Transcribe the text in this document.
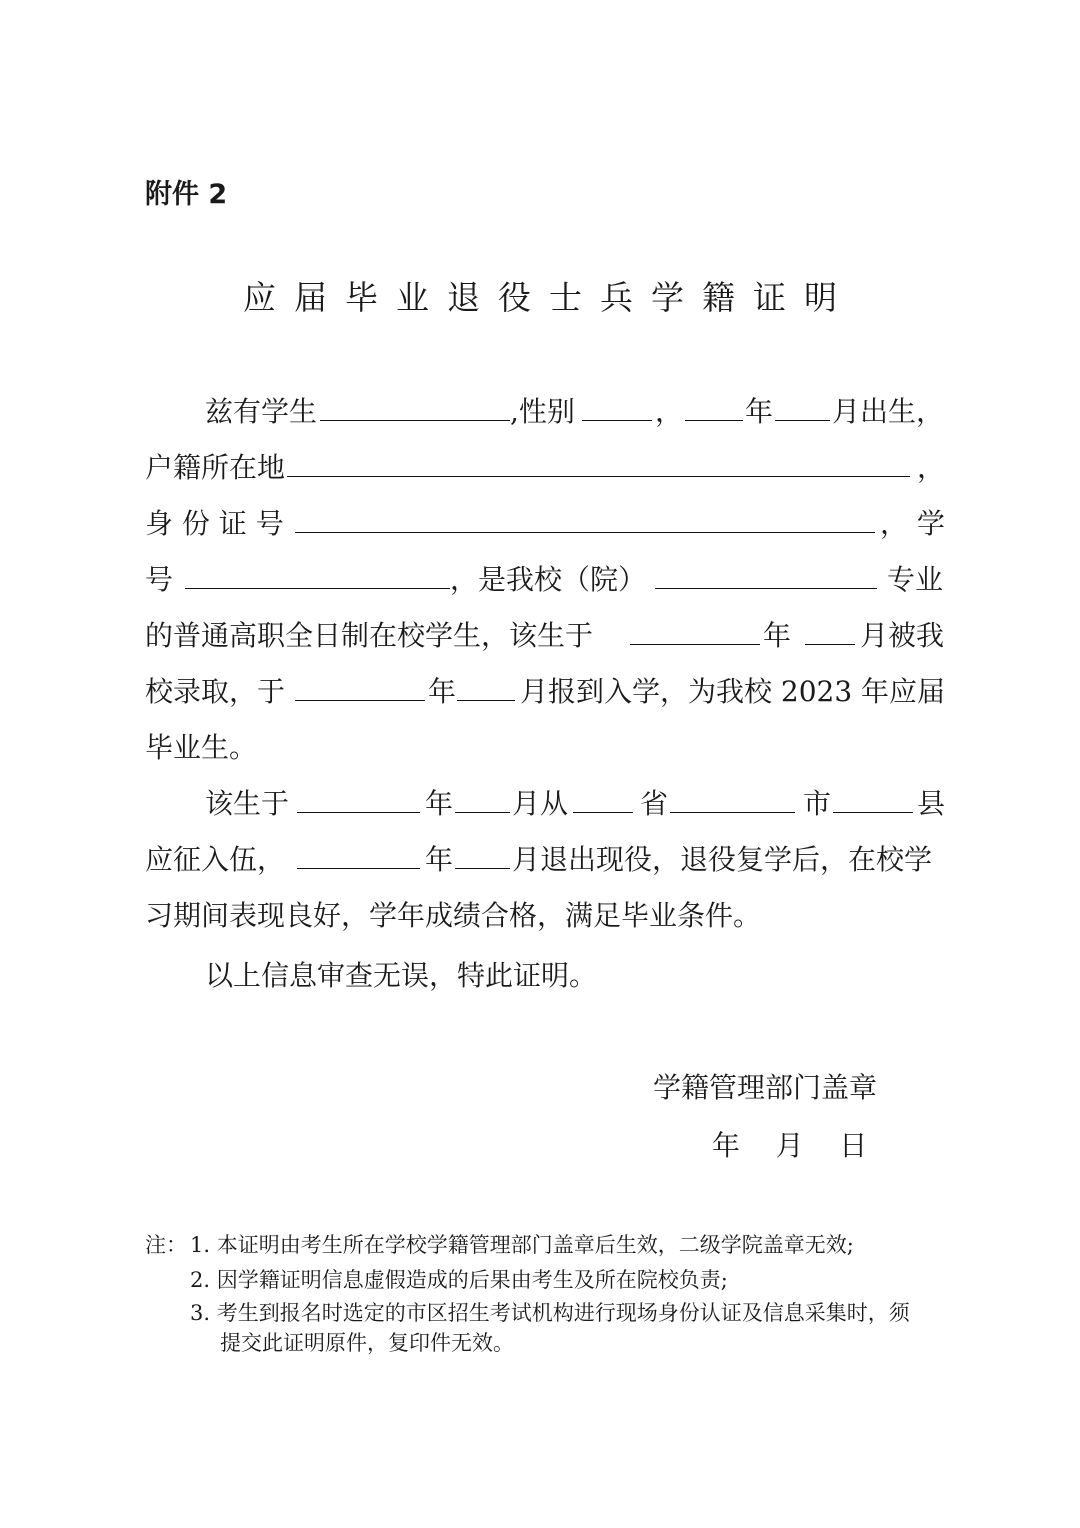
附件 2
应届毕业退役士兵学籍证明
兹有学生	,性别	， 年 月出生，
户籍所在地	，
身 份 证 号	， 学
号	，是我校（院）	专业
的普通高职全日制在校学生，该生于	年 月被我
校录取，于	年 月报到入学，为我校 2023 年应届
毕业生。
该生于	年 月从	省	市	县
应征入伍，	年 月退出现役，退役复学后，在校学
习期间表现良好，学年成绩合格，满足毕业条件。
以上信息审查无误，特此证明。
学籍管理部门盖章
年    月    日
注： 1. 本证明由考生所在学校学籍管理部门盖章后生效，二级学院盖章无效;
2. 因学籍证明信息虚假造成的后果由考生及所在院校负责;
3. 考生到报名时选定的市区招生考试机构进行现场身份认证及信息采集时，须
提交此证明原件，复印件无效。
